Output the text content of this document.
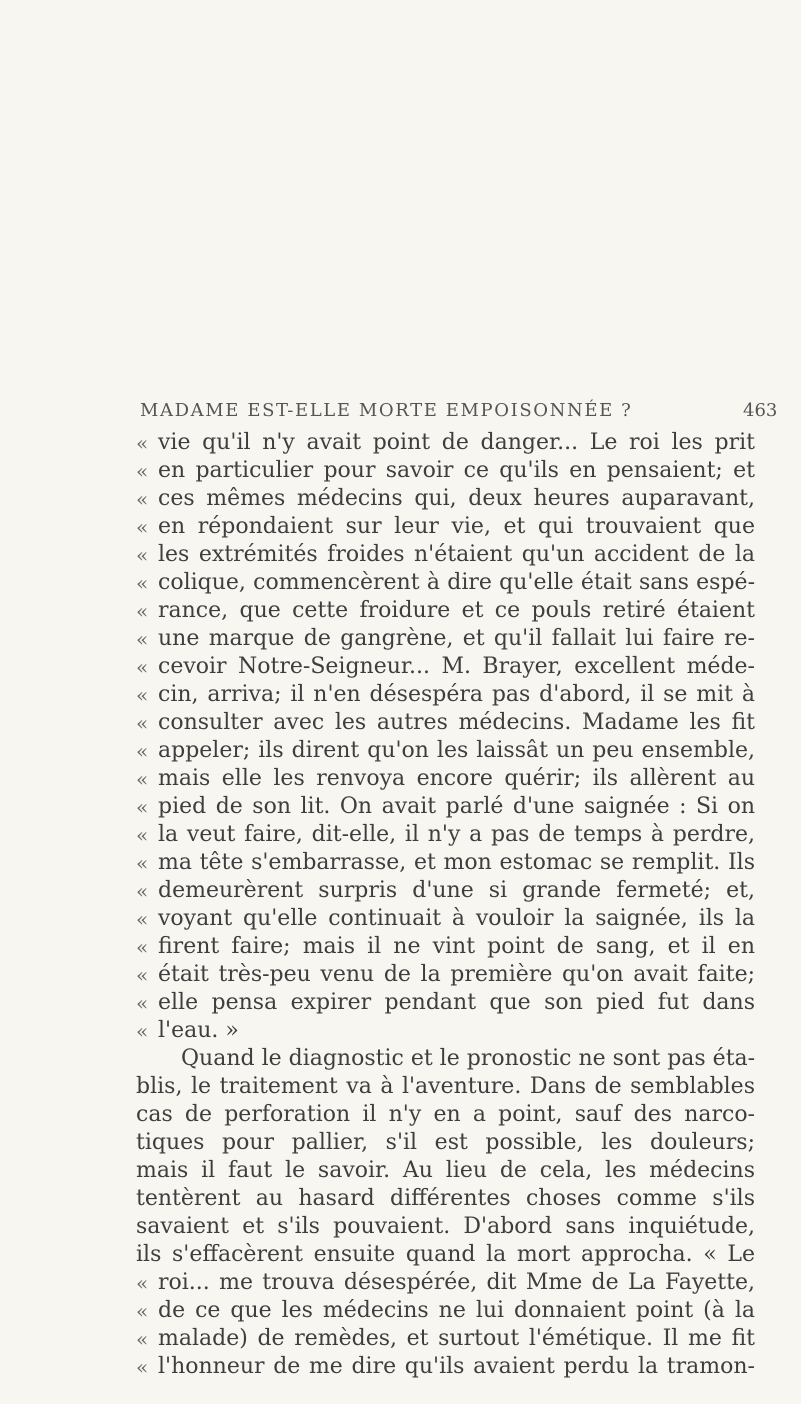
MADAME EST-ELLE MORTE EMPOISONNÉE ?	463
« vie qu'il n'y avait point de danger... Le roi les prit
« en particulier pour savoir ce qu'ils en pensaient; et
« ces mêmes médecins qui, deux heures auparavant,
« en répondaient sur leur vie, et qui trouvaient que
« les extrémités froides n'étaient qu'un accident de la
« colique, commencèrent à dire qu'elle était sans espé-
« rance, que cette froidure et ce pouls retiré étaient
« une marque de gangrène, et qu'il fallait lui faire re-
« cevoir Notre-Seigneur... M. Brayer, excellent méde-
« cin, arriva; il n'en désespéra pas d'abord, il se mit à
« consulter avec les autres médecins. Madame les fit
« appeler; ils dirent qu'on les laissât un peu ensemble,
« mais elle les renvoya encore quérir; ils allèrent au
« pied de son lit. On avait parlé d'une saignée : Si on
« la veut faire, dit-elle, il n'y a pas de temps à perdre,
« ma tête s'embarrasse, et mon estomac se remplit. Ils
« demeurèrent surpris d'une si grande fermeté; et,
« voyant qu'elle continuait à vouloir la saignée, ils la
« firent faire; mais il ne vint point de sang, et il en
« était très-peu venu de la première qu'on avait faite;
« elle pensa expirer pendant que son pied fut dans
« l'eau. »
Quand le diagnostic et le pronostic ne sont pas éta-
blis, le traitement va à l'aventure. Dans de semblables
cas de perforation il n'y en a point, sauf des narco-
tiques pour pallier, s'il est possible, les douleurs;
mais il faut le savoir. Au lieu de cela, les médecins
tentèrent au hasard différentes choses comme s'ils
savaient et s'ils pouvaient. D'abord sans inquiétude,
ils s'effacèrent ensuite quand la mort approcha. « Le
« roi... me trouva désespérée, dit Mme de La Fayette,
« de ce que les médecins ne lui donnaient point (à la
« malade) de remèdes, et surtout l'émétique. Il me fit
« l'honneur de me dire qu'ils avaient perdu la tramon-
